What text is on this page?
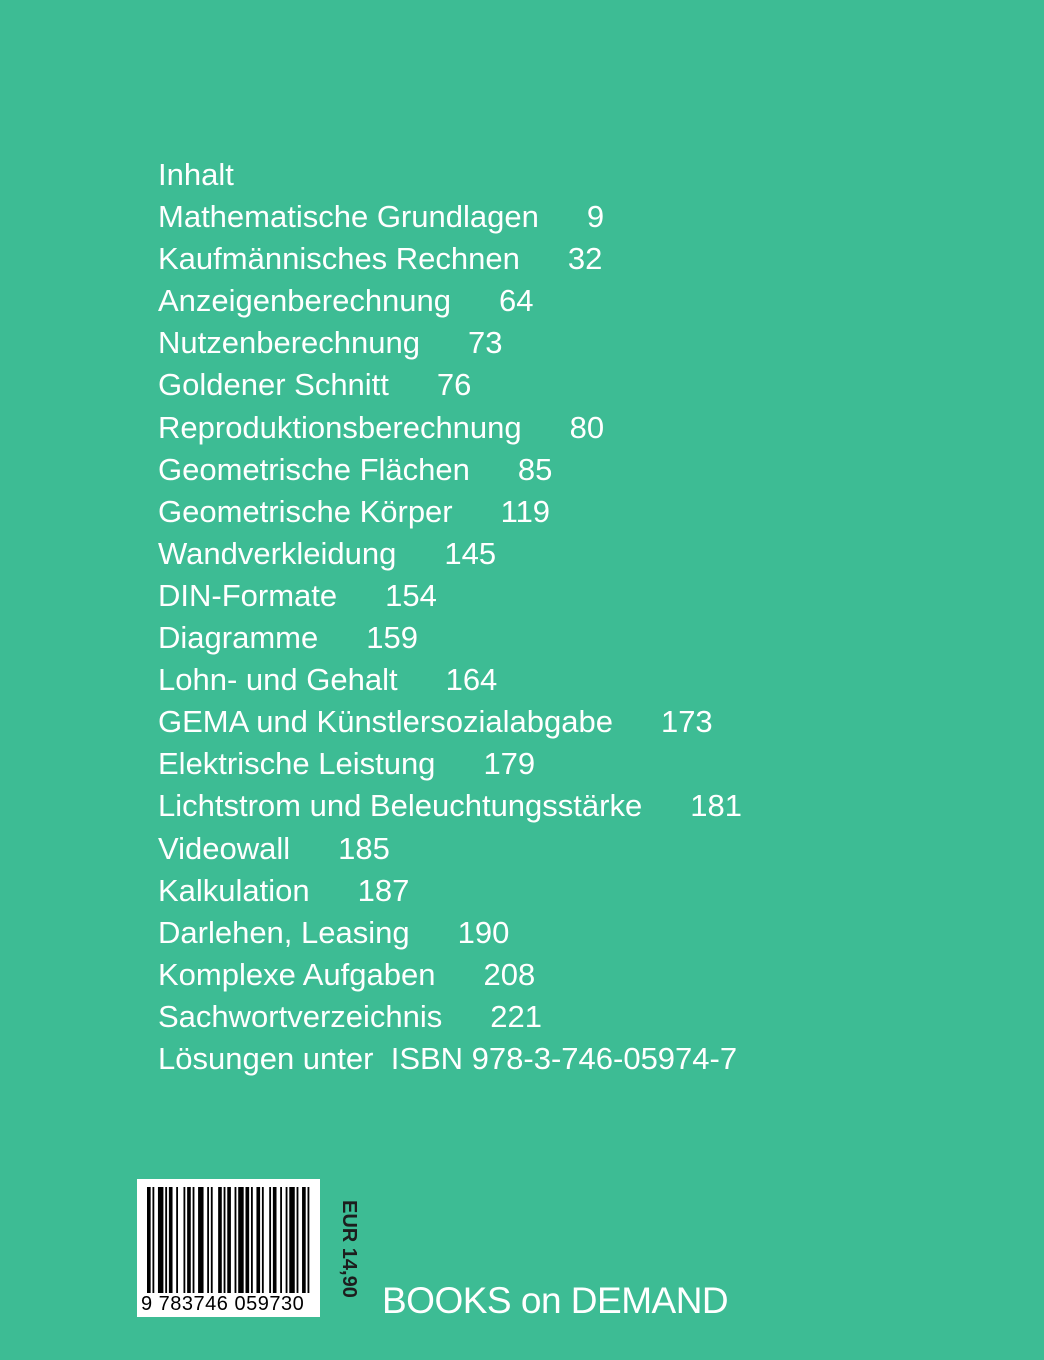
Inhalt
Mathematische Grundlagen 9
Kaufmännisches Rechnen 32
Anzeigenberechnung 64
Nutzenberechnung 73
Goldener Schnitt 76
Reproduktionsberechnung 80
Geometrische Flächen 85
Geometrische Körper 119
Wandverkleidung 145
DIN-Formate 154
Diagramme 159
Lohn- und Gehalt 164
GEMA und Künstlersozialabgabe 173
Elektrische Leistung 179
Lichtstrom und Beleuchtungsstärke 181
Videowall 185
Kalkulation 187
Darlehen, Leasing 190
Komplexe Aufgaben 208
Sachwortverzeichnis 221
Lösungen unter ISBN 978-3-746-05974-7
9 783746 059730
EUR 14,90
BOOKS on DEMAND
